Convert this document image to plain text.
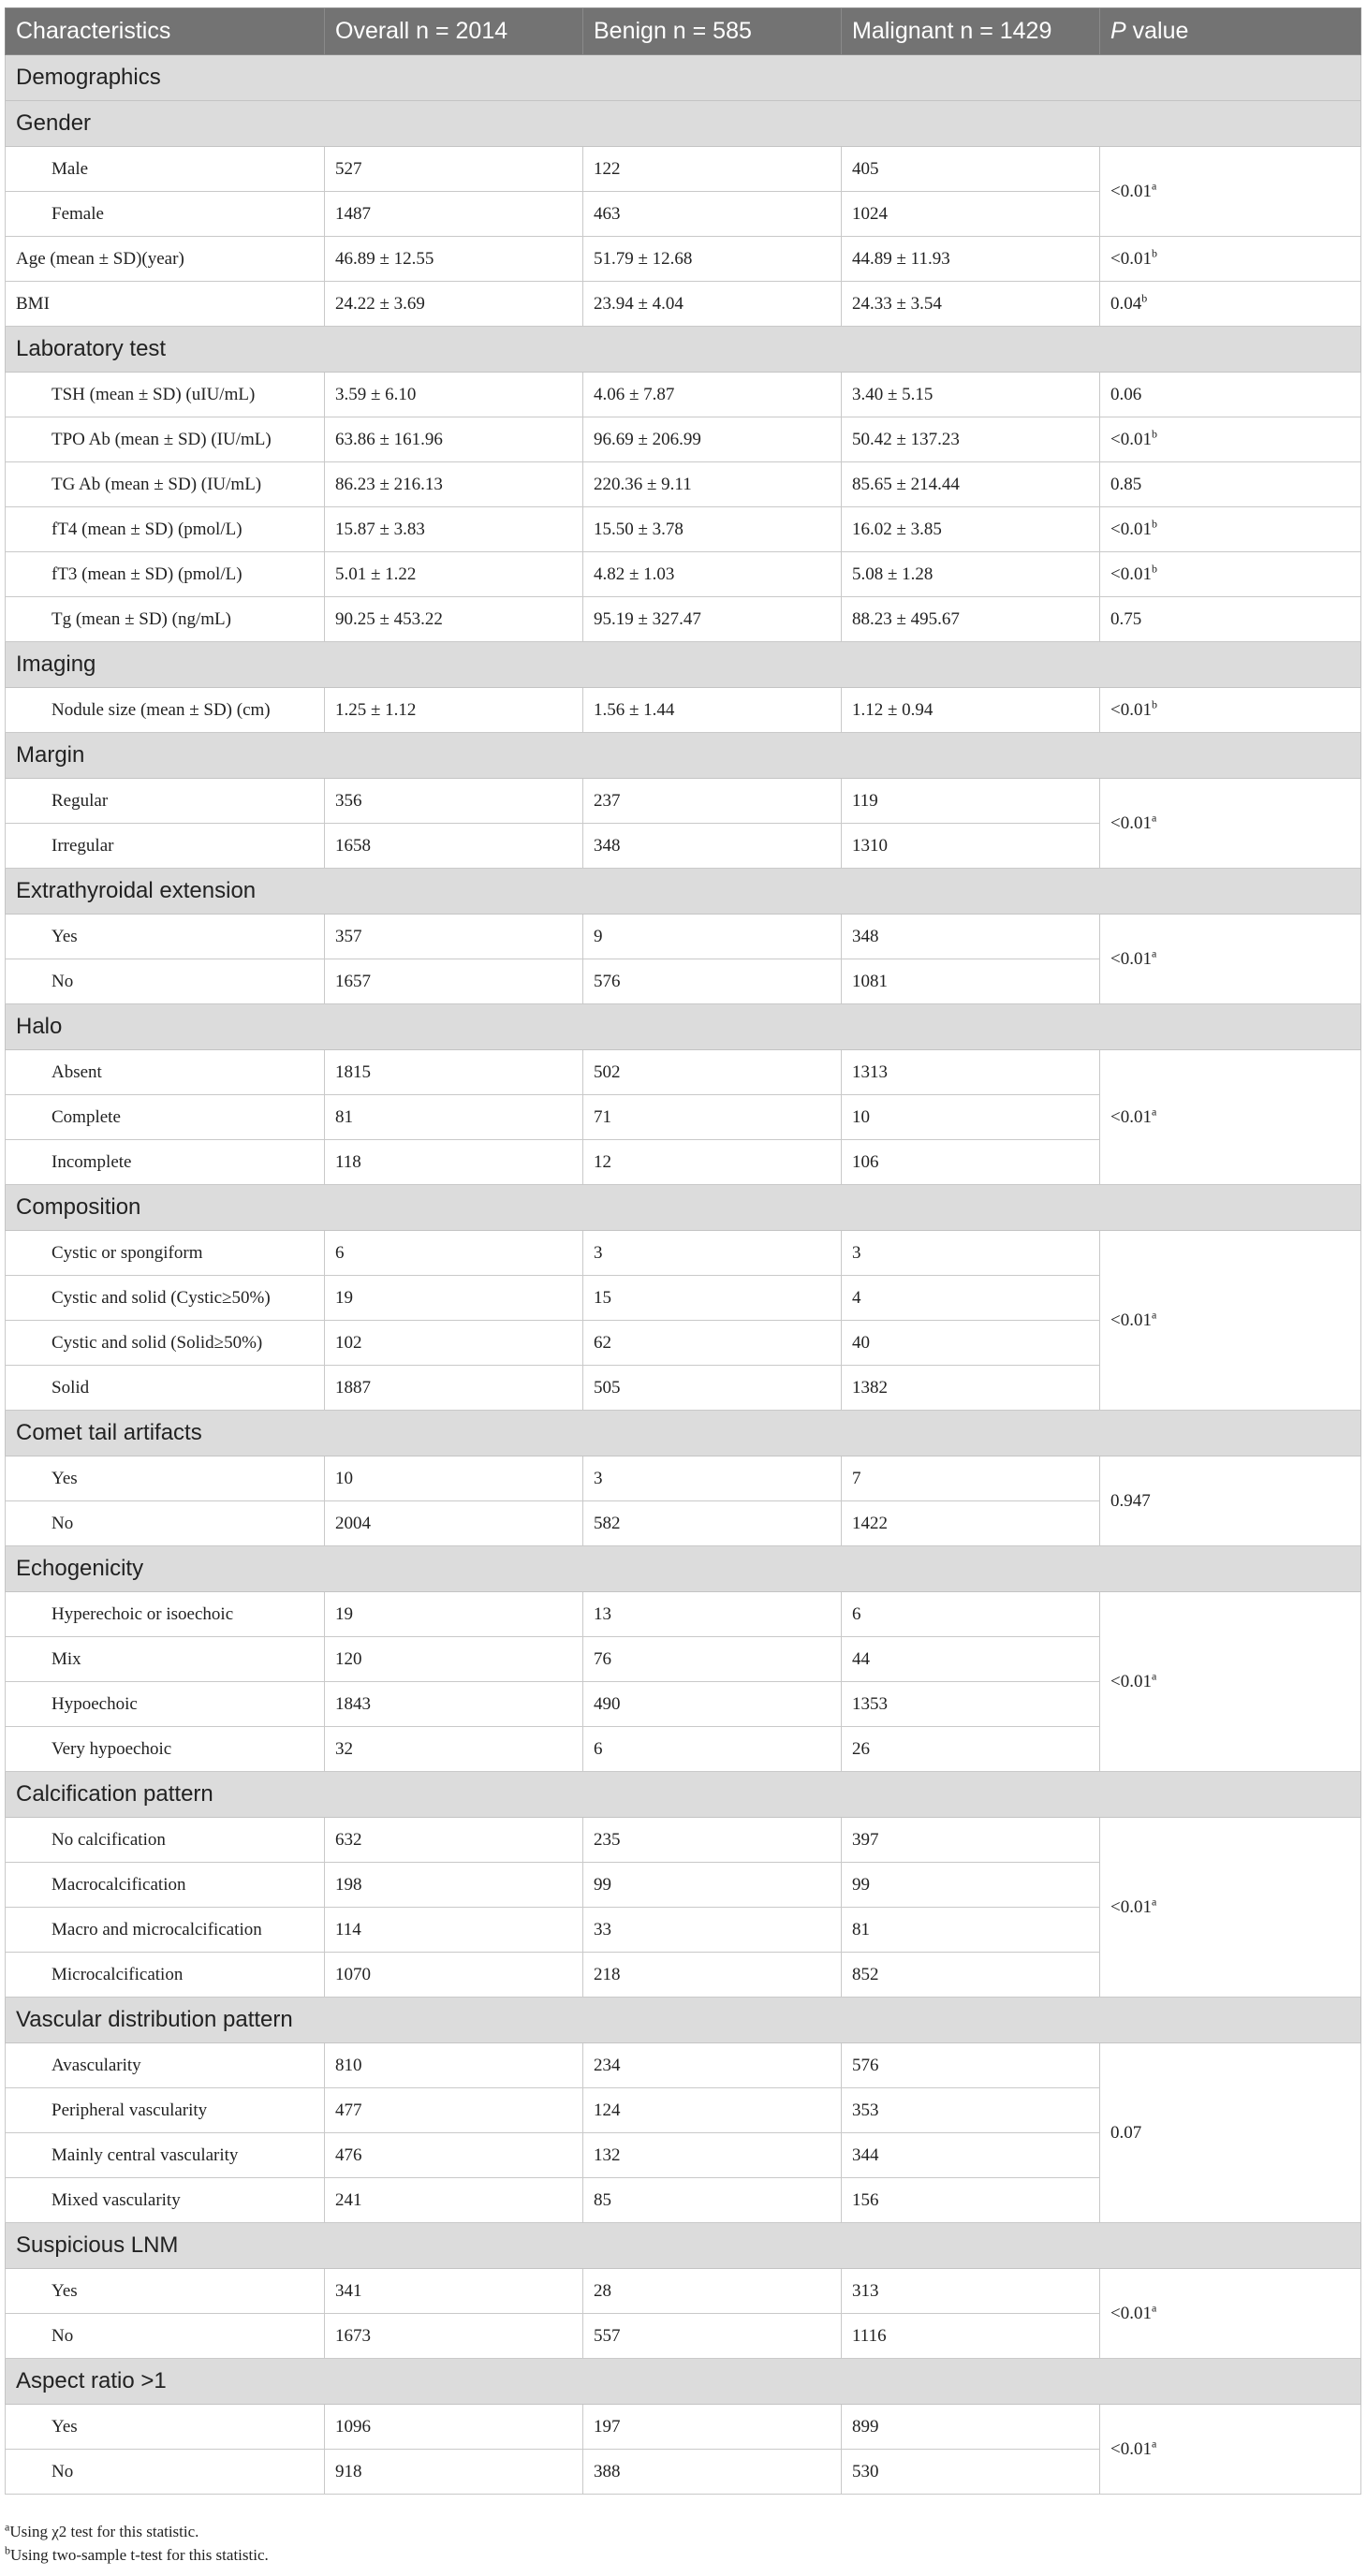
Characteristics	Overall n = 2014	Benign n = 585	Malignant n = 1429	P value
Demographics				
Gender				
Male	527	122	405	<0.01$^a$
Female	1487	463	1024	
Age (mean ± SD)(year)	46.89 ± 12.55	51.79 ± 12.68	44.89 ± 11.93	<0.01$^b$
BMI	24.22 ± 3.69	23.94 ± 4.04	24.33 ± 3.54	0.04$^b$
Laboratory test				
TSH (mean ± SD) (uIU/mL)	3.59 ± 6.10	4.06 ± 7.87	3.40 ± 5.15	0.06
TPO Ab (mean ± SD) (IU/mL)	63.86 ± 161.96	96.69 ± 206.99	50.42 ± 137.23	<0.01$^b$
TG Ab (mean ± SD) (IU/mL)	86.23 ± 216.13	220.36 ± 9.11	85.65 ± 214.44	0.85
fT4 (mean ± SD) (pmol/L)	15.87 ± 3.83	15.50 ± 3.78	16.02 ± 3.85	<0.01$^b$
fT3 (mean ± SD) (pmol/L)	5.01 ± 1.22	4.82 ± 1.03	5.08 ± 1.28	<0.01$^b$
Tg (mean ± SD) (ng/mL)	90.25 ± 453.22	95.19 ± 327.47	88.23 ± 495.67	0.75
Imaging				
Nodule size (mean ± SD) (cm)	1.25 ± 1.12	1.56 ± 1.44	1.12 ± 0.94	<0.01$^b$
Margin				
Regular	356	237	119	<0.01$^a$
Irregular	1658	348	1310	
Extrathyroidal extension				
Yes	357	9	348	<0.01$^a$
No	1657	576	1081	
Halo				
Absent	1815	502	1313	<0.01$^a$
Complete	81	71	10	
Incomplete	118	12	106	
Composition				
Cystic or spongiform	6	3	3	<0.01$^a$
Cystic and solid (Cystic≥50%)	19	15	4	
Cystic and solid (Solid≥50%)	102	62	40	
Solid	1887	505	1382	
Comet tail artifacts				
Yes	10	3	7	0.947
No	2004	582	1422	
Echogenicity				
Hyperechoic or isoechoic	19	13	6	<0.01$^a$
Mix	120	76	44	
Hypoechoic	1843	490	1353	
Very hypoechoic	32	6	26	
Calcification pattern				
No calcification	632	235	397	<0.01$^a$
Macrocalcification	198	99	99	
Macro and microcalcification	114	33	81	
Microcalcification	1070	218	852	
Vascular distribution pattern				
Avascularity	810	234	576	0.07
Peripheral vascularity	477	124	353	
Mainly central vascularity	476	132	344	
Mixed vascularity	241	85	156	
Suspicious LNM				
Yes	341	28	313	<0.01$^a$
No	1673	557	1116	
Aspect ratio >1				
Yes	1096	197	899	<0.01$^a$
No	918	388	530	
$^a$Using χ2 test for this statistic.
$^b$Using two-sample t-test for this statistic.
